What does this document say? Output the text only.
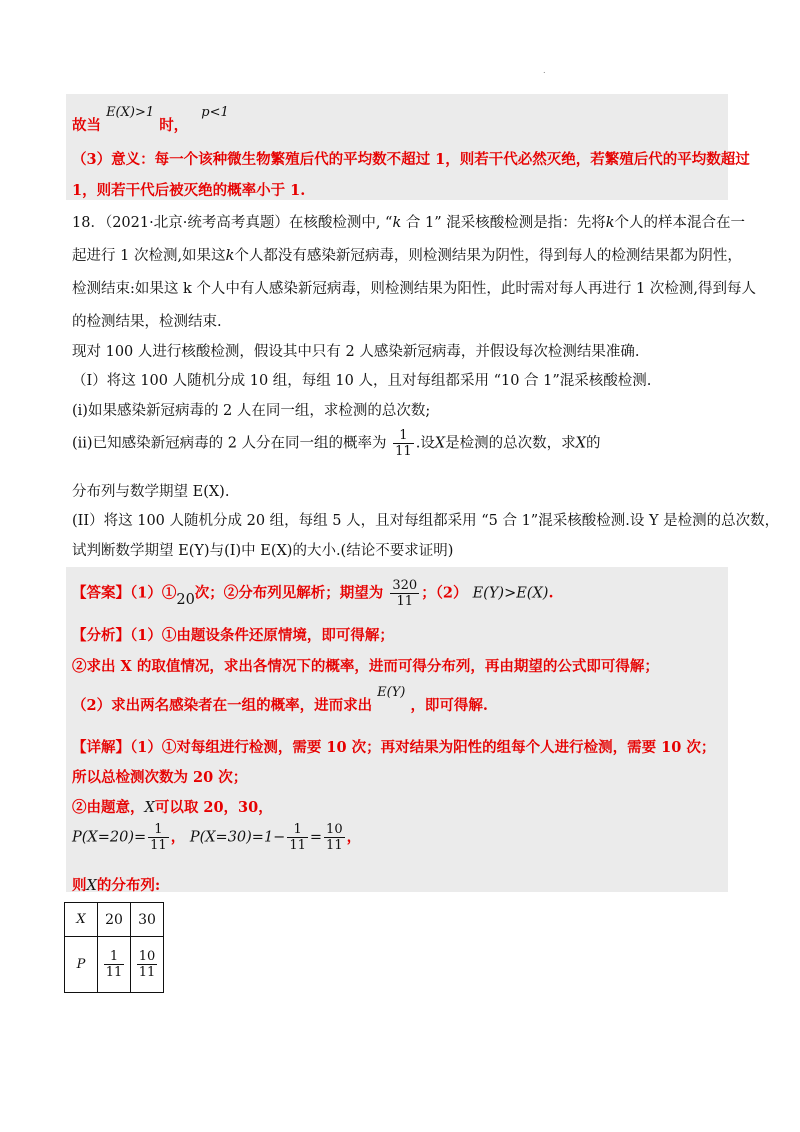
.
故当 E(X)>1 时， p<1
（3）意义：每一个该种微生物繁殖后代的平均数不超过 1，则若干代必然灭绝，若繁殖后代的平均数超过
1，则若干代后被灭绝的概率小于 1.
18．（2021·北京·统考高考真题）在核酸检测中, “k 合 1” 混采核酸检测是指：先将k个人的样本混合在一
起进行 1 次检测,如果这k个人都没有感染新冠病毒，则检测结果为阴性，得到每人的检测结果都为阴性，
检测结束:如果这 k 个人中有人感染新冠病毒，则检测结果为阳性，此时需对每人再进行 1 次检测,得到每人
的检测结果，检测结束.
现对 100 人进行核酸检测，假设其中只有 2 人感染新冠病毒，并假设每次检测结果准确.
（I）将这 100 人随机分成 10 组，每组 10 人，且对每组都采用 “10 合 1”混采核酸检测.
(i)如果感染新冠病毒的 2 人在同一组，求检测的总次数;
(ii)已知感染新冠病毒的 2 人分在同一组的概率为 $\frac{1}{11}$ .设X是检测的总次数，求X的
分布列与数学期望 E(X).
(II）将这 100 人随机分成 20 组，每组 5 人，且对每组都采用 “5 合 1”混采核酸检测.设 Y 是检测的总次数，
试判断数学期望 E(Y)与(I)中 E(X)的大小.(结论不要求证明)
【答案】（1）①20次；②分布列见解析；期望为 $\frac{320}{11}$ ；（2） E(Y)>E(X).
【分析】（1）①由题设条件还原情境，即可得解；
②求出 X 的取值情况，求出各情况下的概率，进而可得分布列，再由期望的公式即可得解；
（2）求出两名感染者在一组的概率，进而求出 E(Y) ，即可得解.
【详解】（1）①对每组进行检测，需要 10 次；再对结果为阳性的组每个人进行检测，需要 10 次；
所以总检测次数为 20 次；
②由题意，X可以取 20，30，
$P(X=20)= \frac{1}{11}$ ， $P(X=30)=1- \frac{1}{11} = \frac{10}{11}$ ，
则X的分布列:
X	20	30
P	$\frac{1}{11}$	$\frac{10}{11}$
